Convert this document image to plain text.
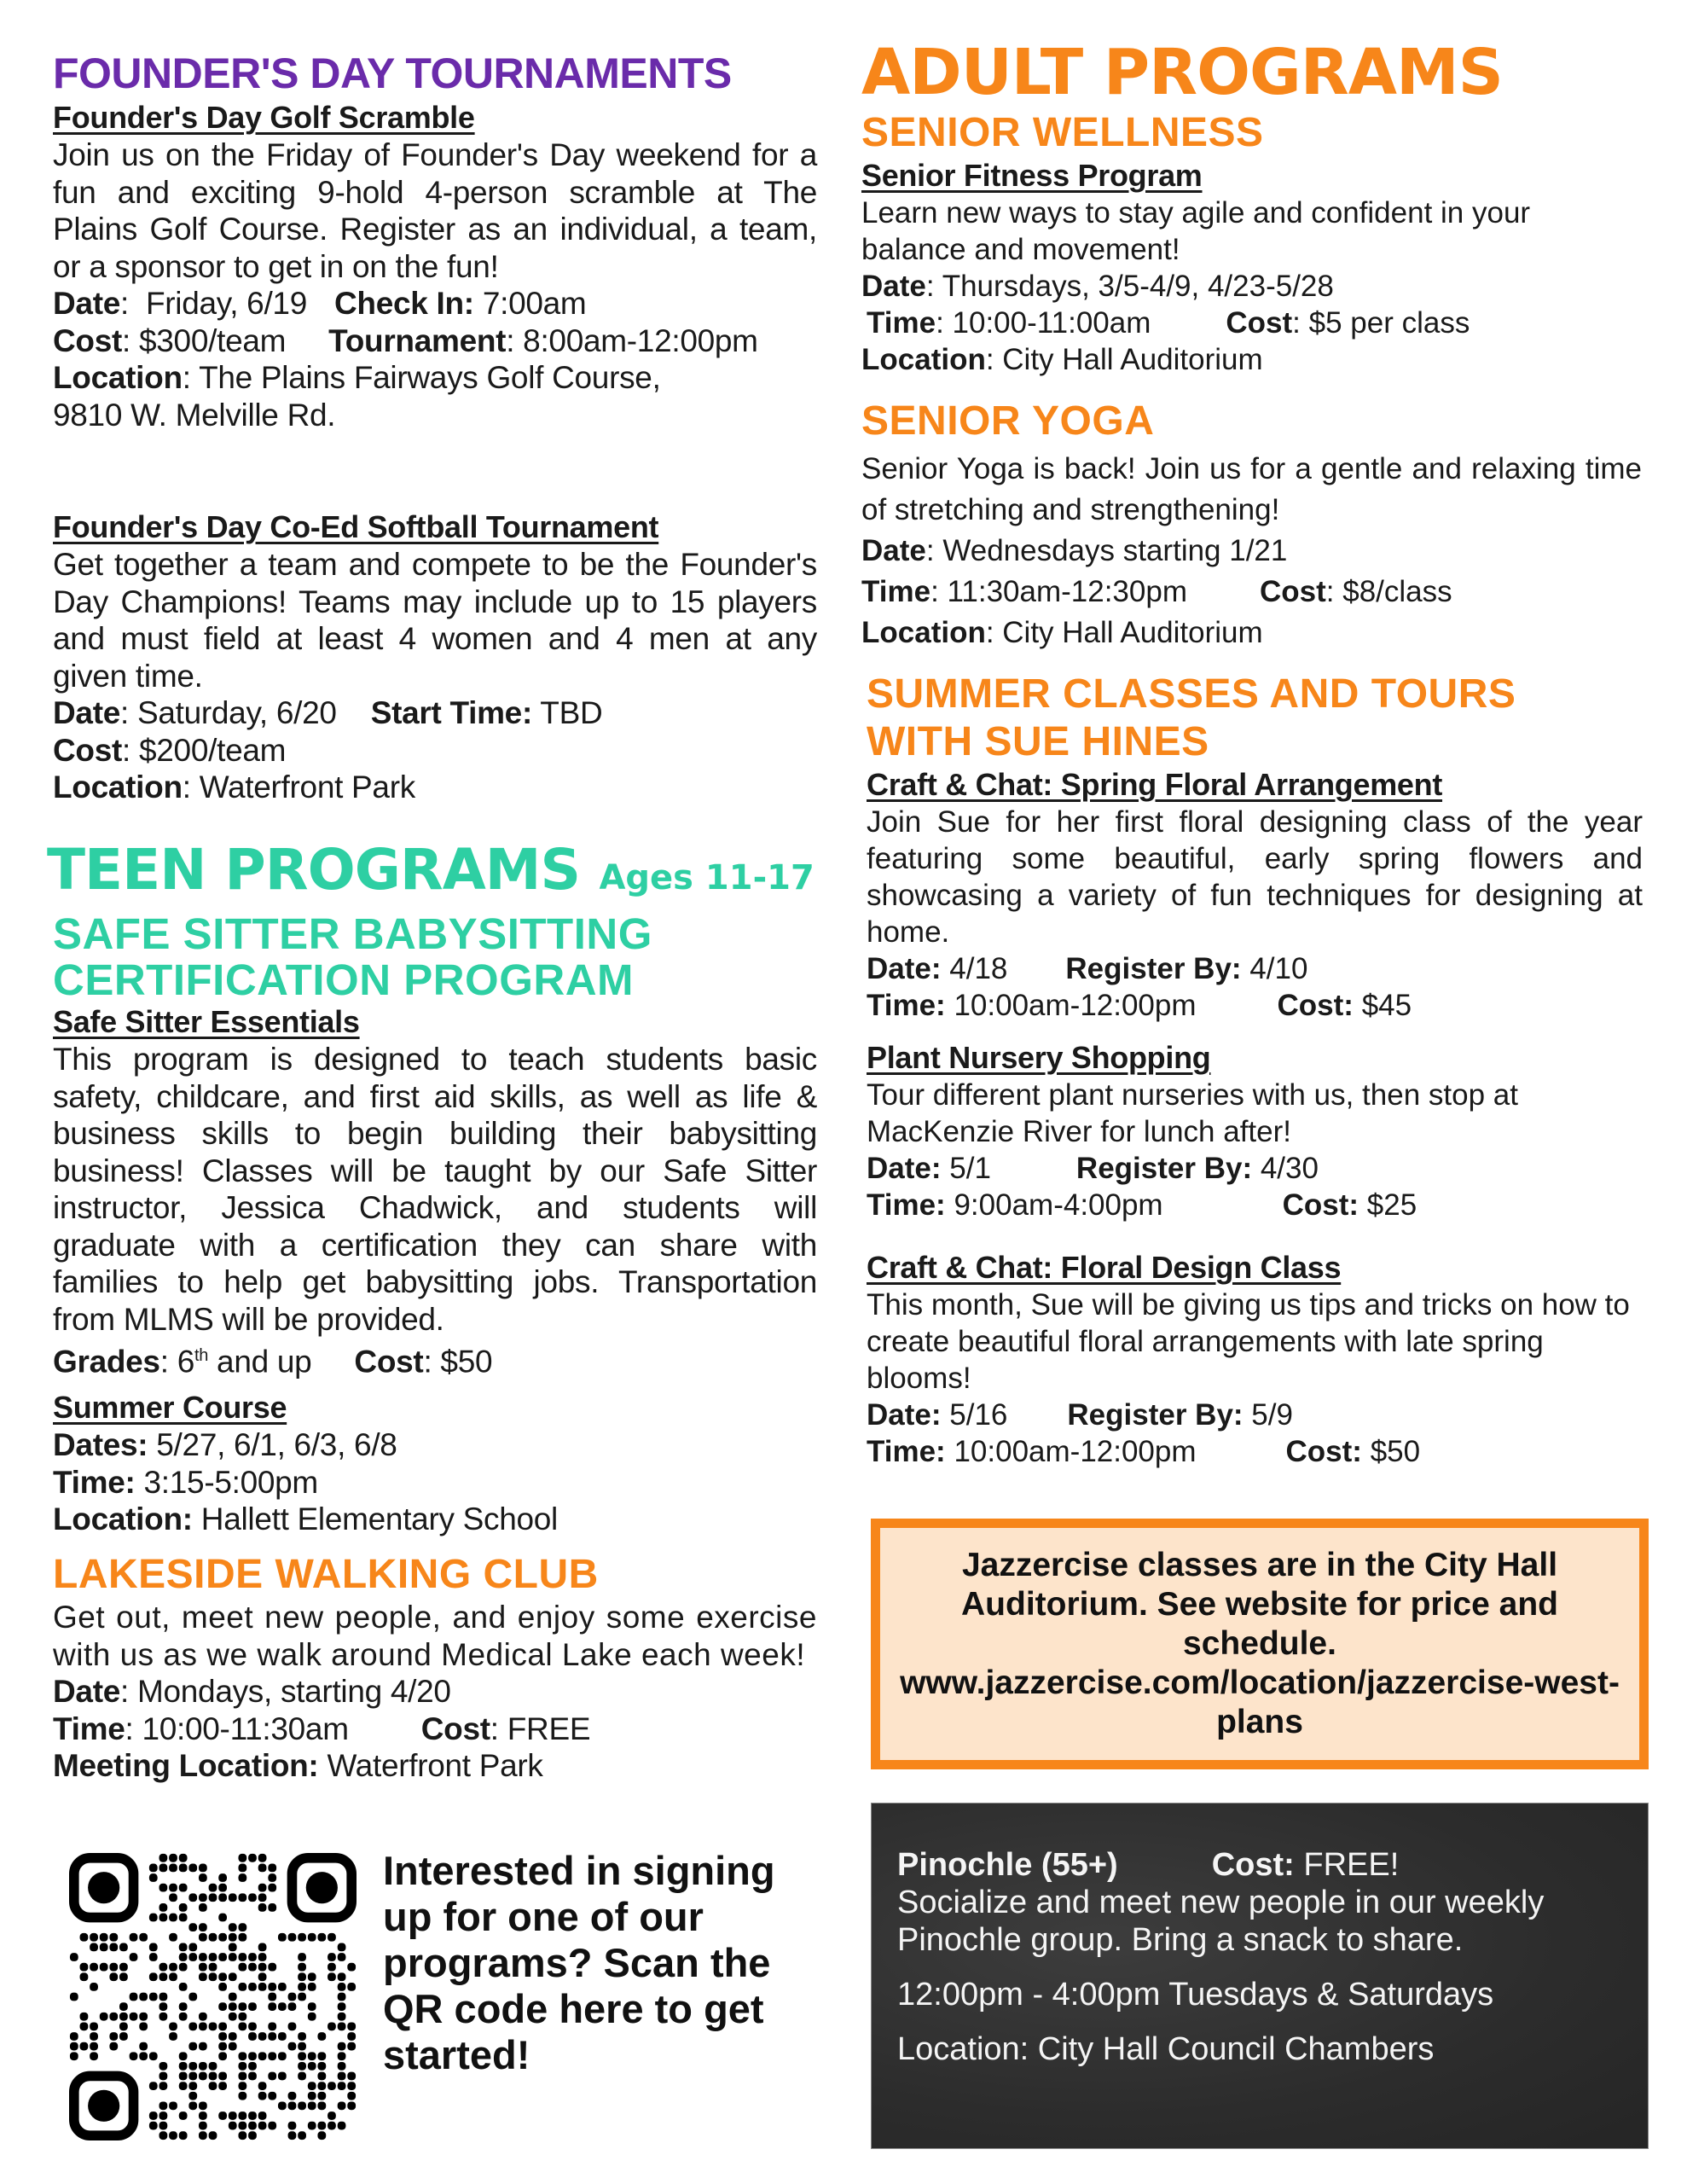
FOUNDER'S DAY TOURNAMENTS
Founder's Day Golf Scramble
Join us on the Friday of Founder's Day weekend for a fun and exciting 9-hold 4-person scramble at The Plains Golf Course. Register as an individual, a team, or a sponsor to get in on the fun!
Date:  Friday, 6/19 Check In: 7:00am
Cost: $300/team Tournament: 8:00am-12:00pm
Location: The Plains Fairways Golf Course,
9810 W. Melville Rd.
Founder's Day Co-Ed Softball Tournament
Get together a team and compete to be the Founder's Day Champions! Teams may include up to 15 players and must field at least 4 women and 4 men at any given time.
Date: Saturday, 6/20 Start Time: TBD
Cost: $200/team
Location: Waterfront Park
TEEN PROGRAMS Ages 11-17
SAFE SITTER BABYSITTING
CERTIFICATION PROGRAM
Safe Sitter Essentials
This program is designed to teach students basic safety, childcare, and first aid skills, as well as life & business skills to begin building their babysitting business! Classes will be taught by our Safe Sitter instructor, Jessica Chadwick, and students will graduate with a certification they can share with families to help get babysitting jobs. Transportation from MLMS will be provided.
Grades: 6th and up Cost: $50
Summer Course
Dates: 5/27, 6/1, 6/3, 6/8
Time: 3:15-5:00pm
Location: Hallett Elementary School
LAKESIDE WALKING CLUB
Get out, meet new people, and enjoy some exercise with us as we walk around Medical Lake each week!
Date: Mondays, starting 4/20
Time: 10:00-11:30am Cost: FREE
Meeting Location: Waterfront Park
Interested in signing up for one of our programs? Scan the QR code here to get started!
ADULT PROGRAMS
SENIOR WELLNESS
Senior Fitness Program
Learn new ways to stay agile and confident in your balance and movement!
Date: Thursdays, 3/5-4/9, 4/23-5/28
Time: 10:00-11:00am	Cost: $5 per class
Location: City Hall Auditorium
SENIOR YOGA
Senior Yoga is back! Join us for a gentle and relaxing time of stretching and strengthening!
Date: Wednesdays starting 1/21
Time: 11:30am-12:30pm Cost: $8/class
Location: City Hall Auditorium
SUMMER CLASSES AND TOURS
WITH SUE HINES
Craft & Chat: Spring Floral Arrangement
Join Sue for her first floral designing class of the year featuring some beautiful, early spring flowers and showcasing a variety of fun techniques for designing at home.
Date: 4/18 Register By: 4/10
Time: 10:00am-12:00pm	Cost: $45
Plant Nursery Shopping
Tour different plant nurseries with us, then stop at MacKenzie River for lunch after!
Date: 5/1	Register By: 4/30
Time: 9:00am-4:00pm	Cost: $25
Craft & Chat: Floral Design Class
This month, Sue will be giving us tips and tricks on how to create beautiful floral arrangements with late spring blooms!
Date: 5/16 Register By: 5/9
Time: 10:00am-12:00pm	Cost: $50
Jazzercise classes are in the City Hall Auditorium. See website for price and schedule.
www.jazzercise.com/location/jazzercise-west-plans
Pinochle (55+)	Cost: FREE!
Socialize and meet new people in our weekly Pinochle group. Bring a snack to share.
12:00pm - 4:00pm Tuesdays & Saturdays
Location: City Hall Council Chambers
